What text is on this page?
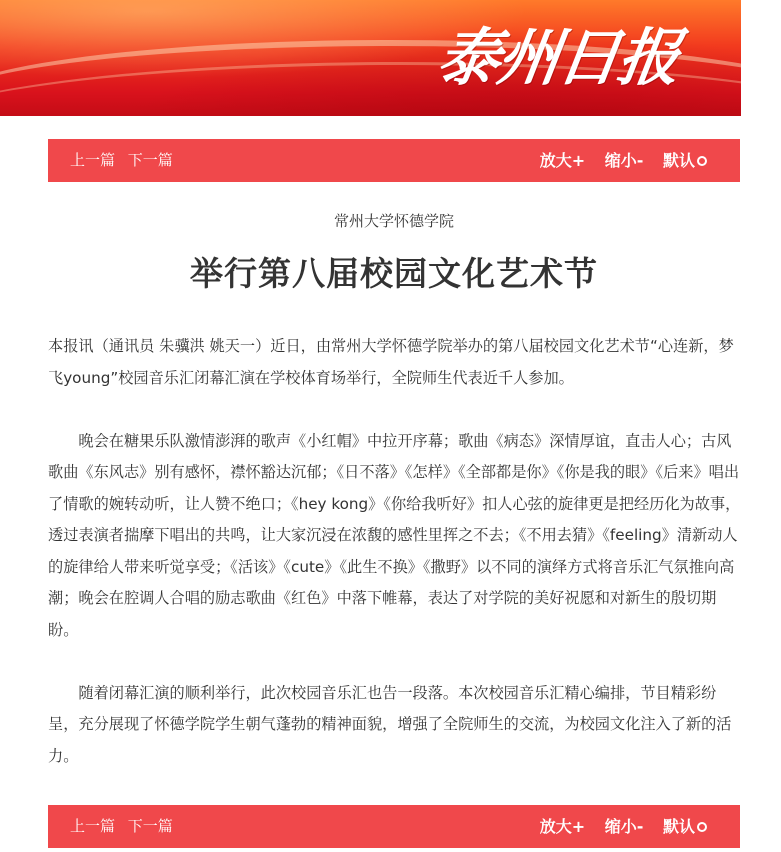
泰州日报
上一篇 下一篇	放大+ 缩小- 默认
常州大学怀德学院
举行第八届校园文化艺术节

本报讯（通讯员 朱骥洪 姚天一）近日，由常州大学怀德学院举办的第八届校园文化艺术节“心连新，梦飞young”校园音乐汇闭幕汇演在学校体育场举行，全院师生代表近千人参加。

晚会在糖果乐队激情澎湃的歌声《小红帽》中拉开序幕；歌曲《病态》深情厚谊，直击人心；古风歌曲《东风志》别有感怀，襟怀豁达沉郁；《日不落》《怎样》《全部都是你》《你是我的眼》《后来》唱出了情歌的婉转动听，让人赞不绝口；《hey kong》《你给我听好》扣人心弦的旋律更是把经历化为故事，透过表演者揣摩下唱出的共鸣，让大家沉浸在浓馥的感性里挥之不去；《不用去猜》《feeling》清新动人的旋律给人带来听觉享受；《活该》《cute》《此生不换》《撒野》以不同的演绎方式将音乐汇气氛推向高潮；晚会在腔调人合唱的励志歌曲《红色》中落下帷幕，表达了对学院的美好祝愿和对新生的殷切期盼。

随着闭幕汇演的顺利举行，此次校园音乐汇也告一段落。本次校园音乐汇精心编排，节目精彩纷呈，充分展现了怀德学院学生朝气蓬勃的精神面貌，增强了全院师生的交流，为校园文化注入了新的活力。

上一篇 下一篇	放大+ 缩小- 默认
